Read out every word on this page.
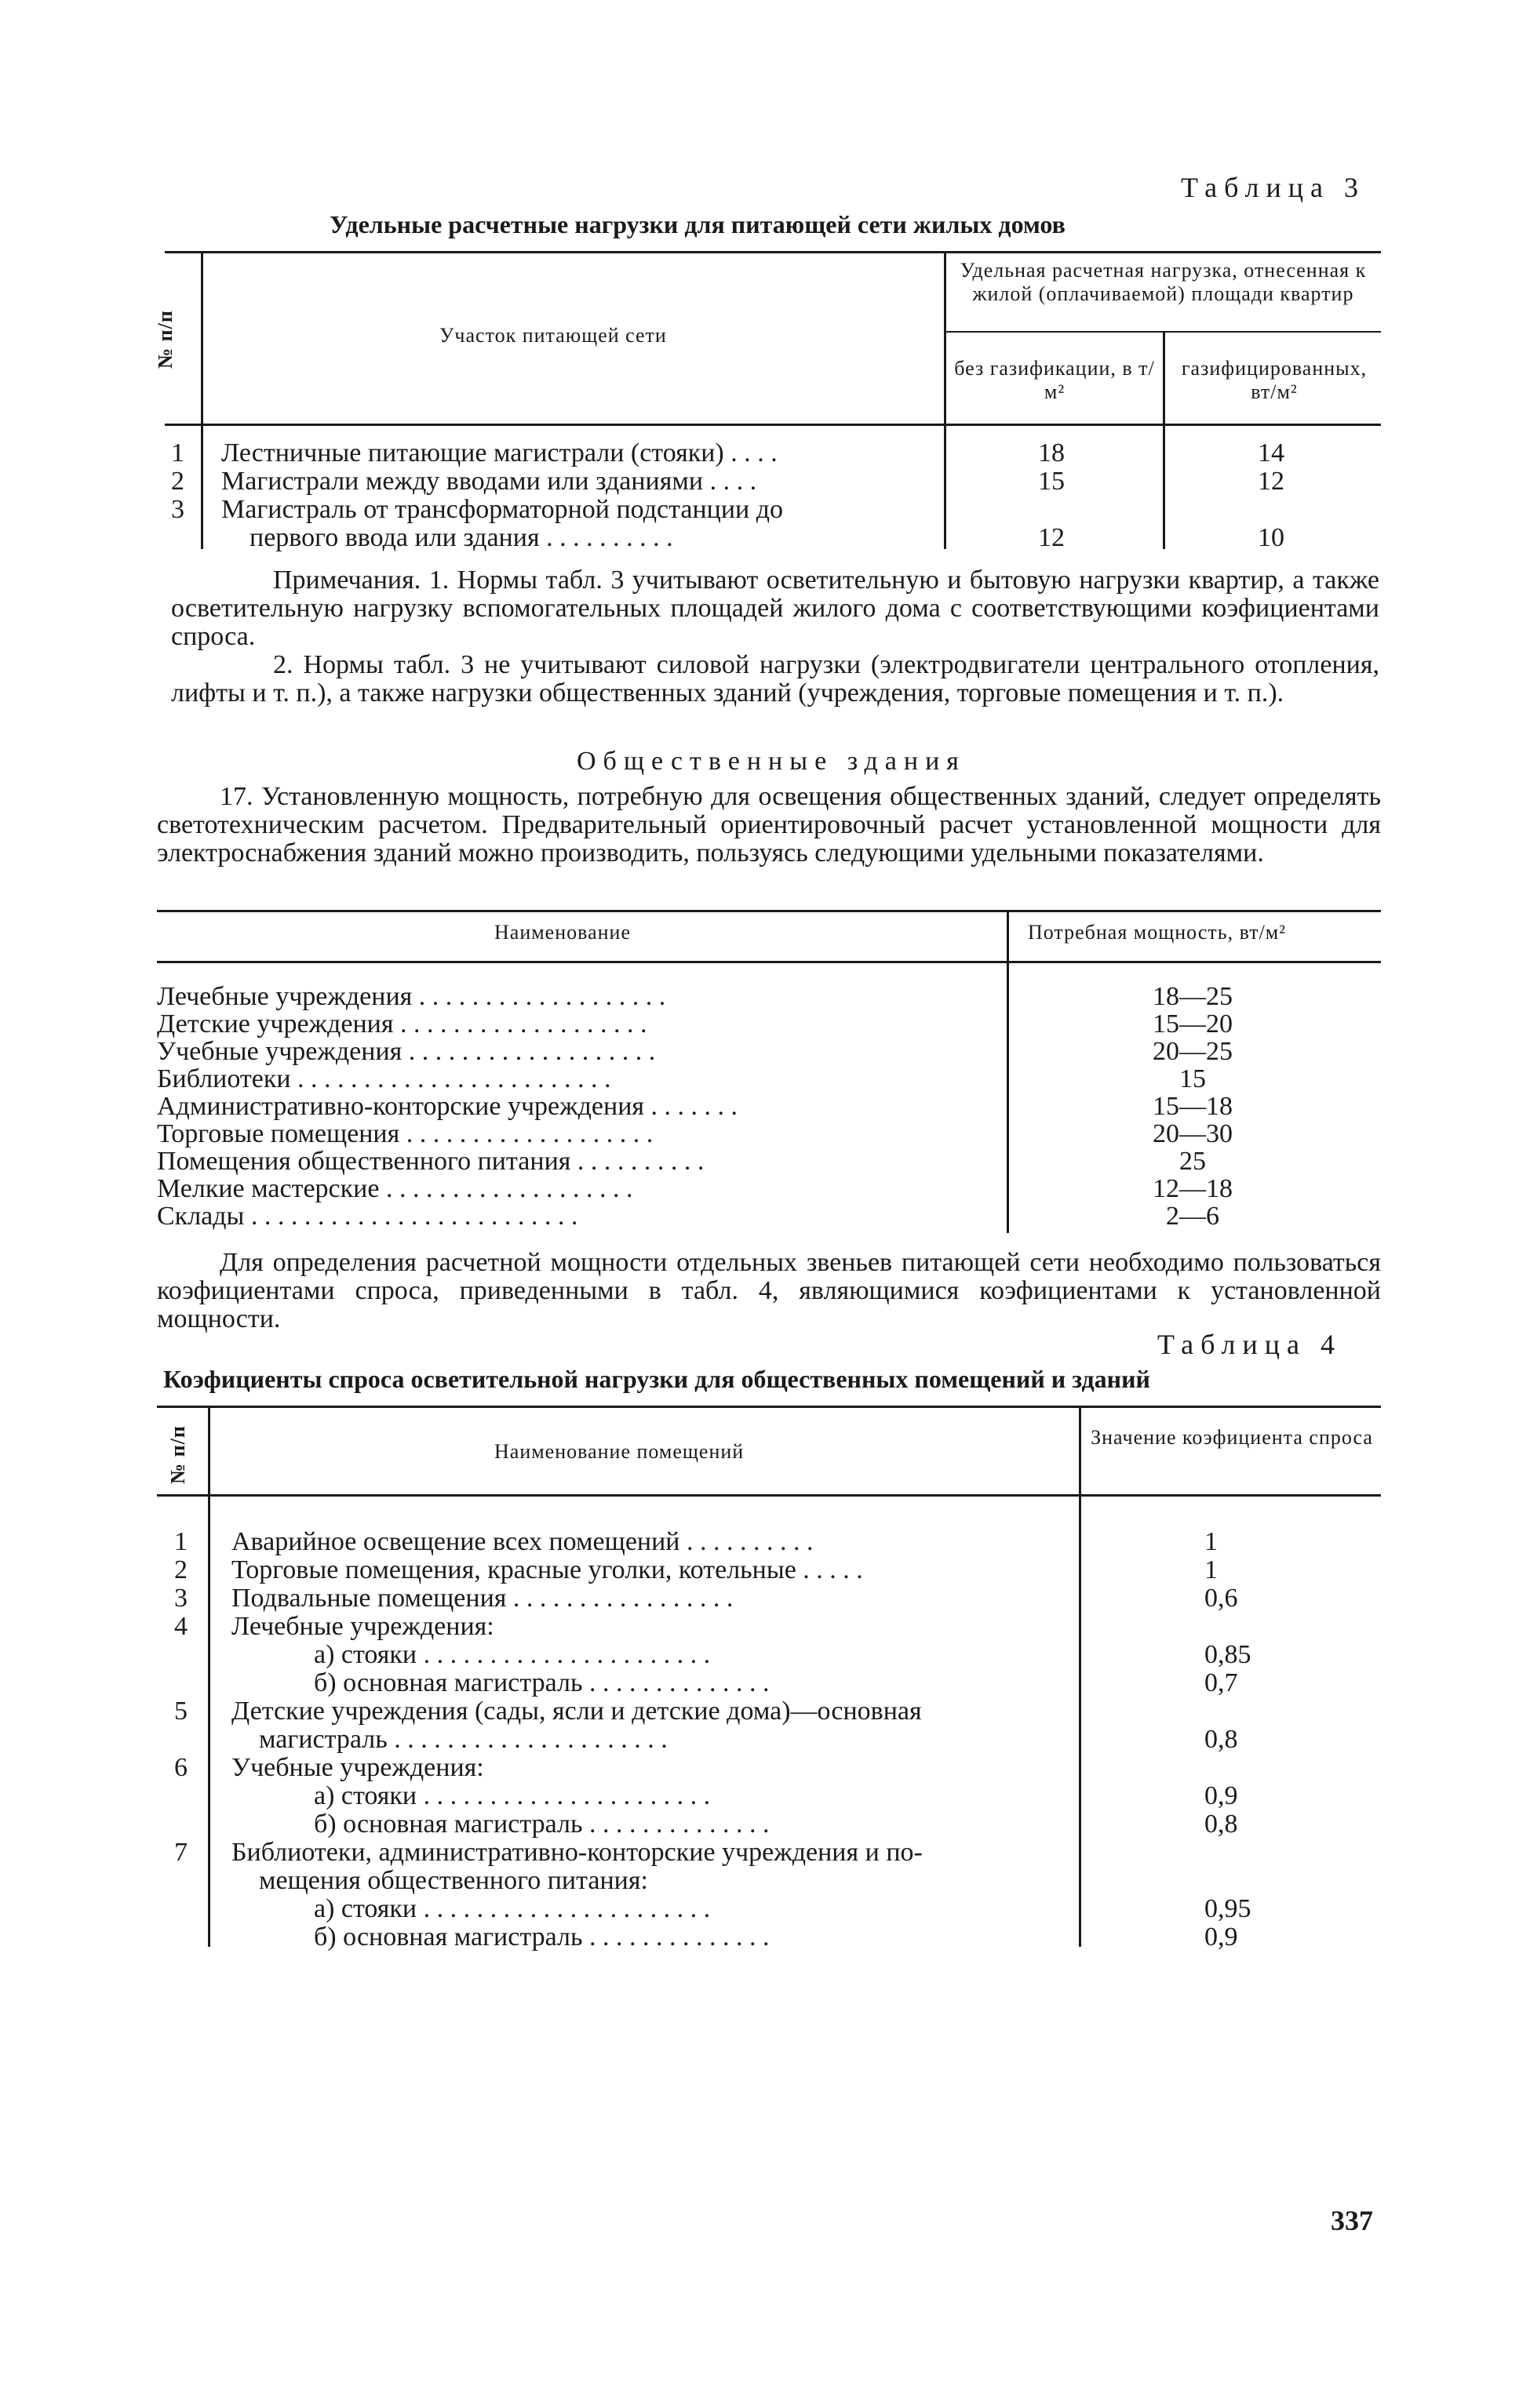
Таблица 3
Удельные расчетные нагрузки для питающей сети жилых домов
№ п/п	Участок питающей сети
Удельная расчетная нагрузка, отнесенная к жилой (оплачиваемой) площади квартир
без газификации, в т/м²
газифицированных, вт/м²
1 Лестничные питающие магистрали (стояки) . . . .	18	14
2 Магистрали между вводами или зданиями . . . .	15	12
3 Магистраль от трансформаторной подстанции до
первого ввода или здания . . . . . . . . . .	12	10
Примечания. 1. Нормы табл. 3 учитывают осветительную и бытовую нагрузки квартир, а также осветительную нагрузку вспомогательных площадей жилого дома с соответствующими коэфициентами спроса.
2. Нормы табл. 3 не учитывают силовой нагрузки (электродвигатели центрального отопления, лифты и т. п.), а также нагрузки общественных зданий (учреждения, торговые помещения и т. п.).
Общественные здания
17. Установленную мощность, потребную для освещения общественных зданий, следует определять светотехническим расчетом. Предварительный ориентировочный расчет установленной мощности для электроснабжения зданий можно производить, пользуясь следующими удельными показателями.
Наименование	Потребная мощность, вт/м²
Лечебные учреждения . . . . . . . . . . . . . . . . . . .	18—25
Детские учреждения . . . . . . . . . . . . . . . . . . .	15—20
Учебные учреждения . . . . . . . . . . . . . . . . . . .	20—25
Библиотеки . . . . . . . . . . . . . . . . . . . . . . . .	15
Административно-конторские учреждения . . . . . . .	15—18
Торговые помещения . . . . . . . . . . . . . . . . . . .	20—30
Помещения общественного питания . . . . . . . . . .	25
Мелкие мастерские . . . . . . . . . . . . . . . . . . .	12—18
Склады . . . . . . . . . . . . . . . . . . . . . . . . .	2—6
Для определения расчетной мощности отдельных звеньев питающей сети необходимо пользоваться коэфициентами спроса, приведенными в табл. 4, являющимися коэфициентами к установленной мощности.
Таблица 4
Коэфициенты спроса осветительной нагрузки для общественных помещений и зданий
№ п/п	Наименование помещений
Значение коэфициента спроса
1 Аварийное освещение всех помещений . . . . . . . . . .	1
2 Торговые помещения, красные уголки, котельные . . . . .	1
3 Подвальные помещения . . . . . . . . . . . . . . . . .	0,6
4 Лечебные учреждения:
а) стояки . . . . . . . . . . . . . . . . . . . . . .	0,85
б) основная магистраль . . . . . . . . . . . . . .	0,7
5 Детские учреждения (сады, ясли и детские дома)—основная
магистраль . . . . . . . . . . . . . . . . . . . . .	0,8
6 Учебные учреждения:
а) стояки . . . . . . . . . . . . . . . . . . . . . .	0,9
б) основная магистраль . . . . . . . . . . . . . .	0,8
7 Библиотеки, административно-конторские учреждения и по-
мещения общественного питания:
а) стояки . . . . . . . . . . . . . . . . . . . . . .	0,95
б) основная магистраль . . . . . . . . . . . . . .	0,9
337
